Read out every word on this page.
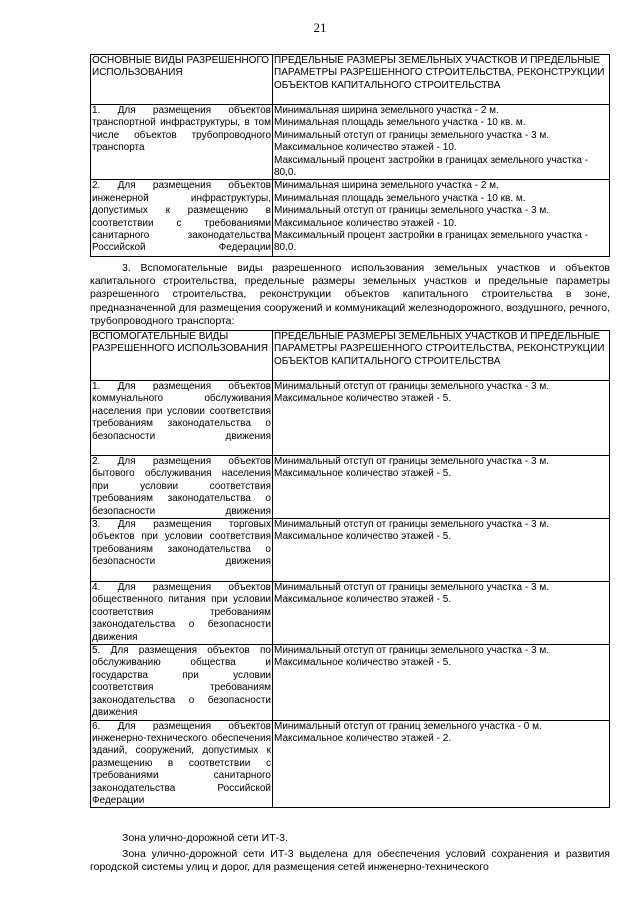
21
ОСНОВНЫЕ ВИДЫ РАЗРЕШЕННОГО ИСПОЛЬЗОВАНИЯ	ПРЕДЕЛЬНЫЕ РАЗМЕРЫ ЗЕМЕЛЬНЫХ УЧАСТКОВ И ПРЕДЕЛЬНЫЕ ПАРАМЕТРЫ РАЗРЕШЕННОГО СТРОИТЕЛЬСТВА, РЕКОНСТРУКЦИИ ОБЪЕКТОВ КАПИТАЛЬНОГО СТРОИТЕЛЬСТВА
1. Для размещения объектов транспортной инфраструктуры, в том числе объектов трубопроводного транспорта	Минимальная ширина земельного участка - 2 м.
Минимальная площадь земельного участка - 10 кв. м.
Минимальный отступ от границы земельного участка - 3 м.
Максимальное количество этажей - 10.
Максимальный процент застройки в границах земельного участка - 80,0.

2. Для размещения объектов инженерной инфраструктуры, допустимых к размещению в соответствии с требованиями санитарного законодательства Российской Федерации	Минимальная ширина земельного участка - 2 м.
Минимальная площадь земельного участка - 10 кв. м.
Минимальный отступ от границы земельного участка - 3 м.
Максимальное количество этажей - 10.
Максимальный процент застройки в границах земельного участка - 80,0.
3. Вспомогательные виды разрешенного использования земельных участков и объектов капитального строительства, предельные размеры земельных участков и предельные параметры разрешенного строительства, реконструкции объектов капитального строительства в зоне, предназначенной для размещения сооружений и коммуникаций железнодорожного, воздушного, речного, трубопроводного транспорта:
ВСПОМОГАТЕЛЬНЫЕ ВИДЫ РАЗРЕШЕННОГО ИСПОЛЬЗОВАНИЯ	ПРЕДЕЛЬНЫЕ РАЗМЕРЫ ЗЕМЕЛЬНЫХ УЧАСТКОВ И ПРЕДЕЛЬНЫЕ ПАРАМЕТРЫ РАЗРЕШЕННОГО СТРОИТЕЛЬСТВА, РЕКОНСТРУКЦИИ ОБЪЕКТОВ КАПИТАЛЬНОГО СТРОИТЕЛЬСТВА
1. Для размещения объектов коммунального обслуживания населения при условии соответствия требованиям законодательства о безопасности движения	Минимальный отступ от границы земельного участка - 3 м.
Максимальное количество этажей - 5.

2. Для размещения объектов бытового обслуживания населения при условии соответствия требованиям законодательства о безопасности движения	Минимальный отступ от границы земельного участка - 3 м.
Максимальное количество этажей - 5.

3. Для размещения торговых объектов при условии соответствия требованиям законодательства о безопасности движения	Минимальный отступ от границы земельного участка - 3 м.
Максимальное количество этажей - 5.

4. Для размещения объектов общественного питания при условии соответствия требованиям законодательства о безопасности движения	Минимальный отступ от границы земельного участка - 3 м.
Максимальное количество этажей - 5.

5. Для размещения объектов по обслуживанию общества и государства при условии соответствия требованиям законодательства о безопасности движения	Минимальный отступ от границы земельного участка - 3 м.
Максимальное количество этажей - 5.

6. Для размещения объектов инженерно-технического обеспечения зданий, сооружений, допустимых к размещению в соответствии с требованиями санитарного законодательства Российской Федерации	Минимальный отступ от границ земельного участка - 0 м.
Максимальное количество этажей - 2.
Зона улично-дорожной сети ИТ-3.
Зона улично-дорожной сети ИТ-3 выделена для обеспечения условий сохранения и развития городской системы улиц и дорог, для размещения сетей инженерно-технического
